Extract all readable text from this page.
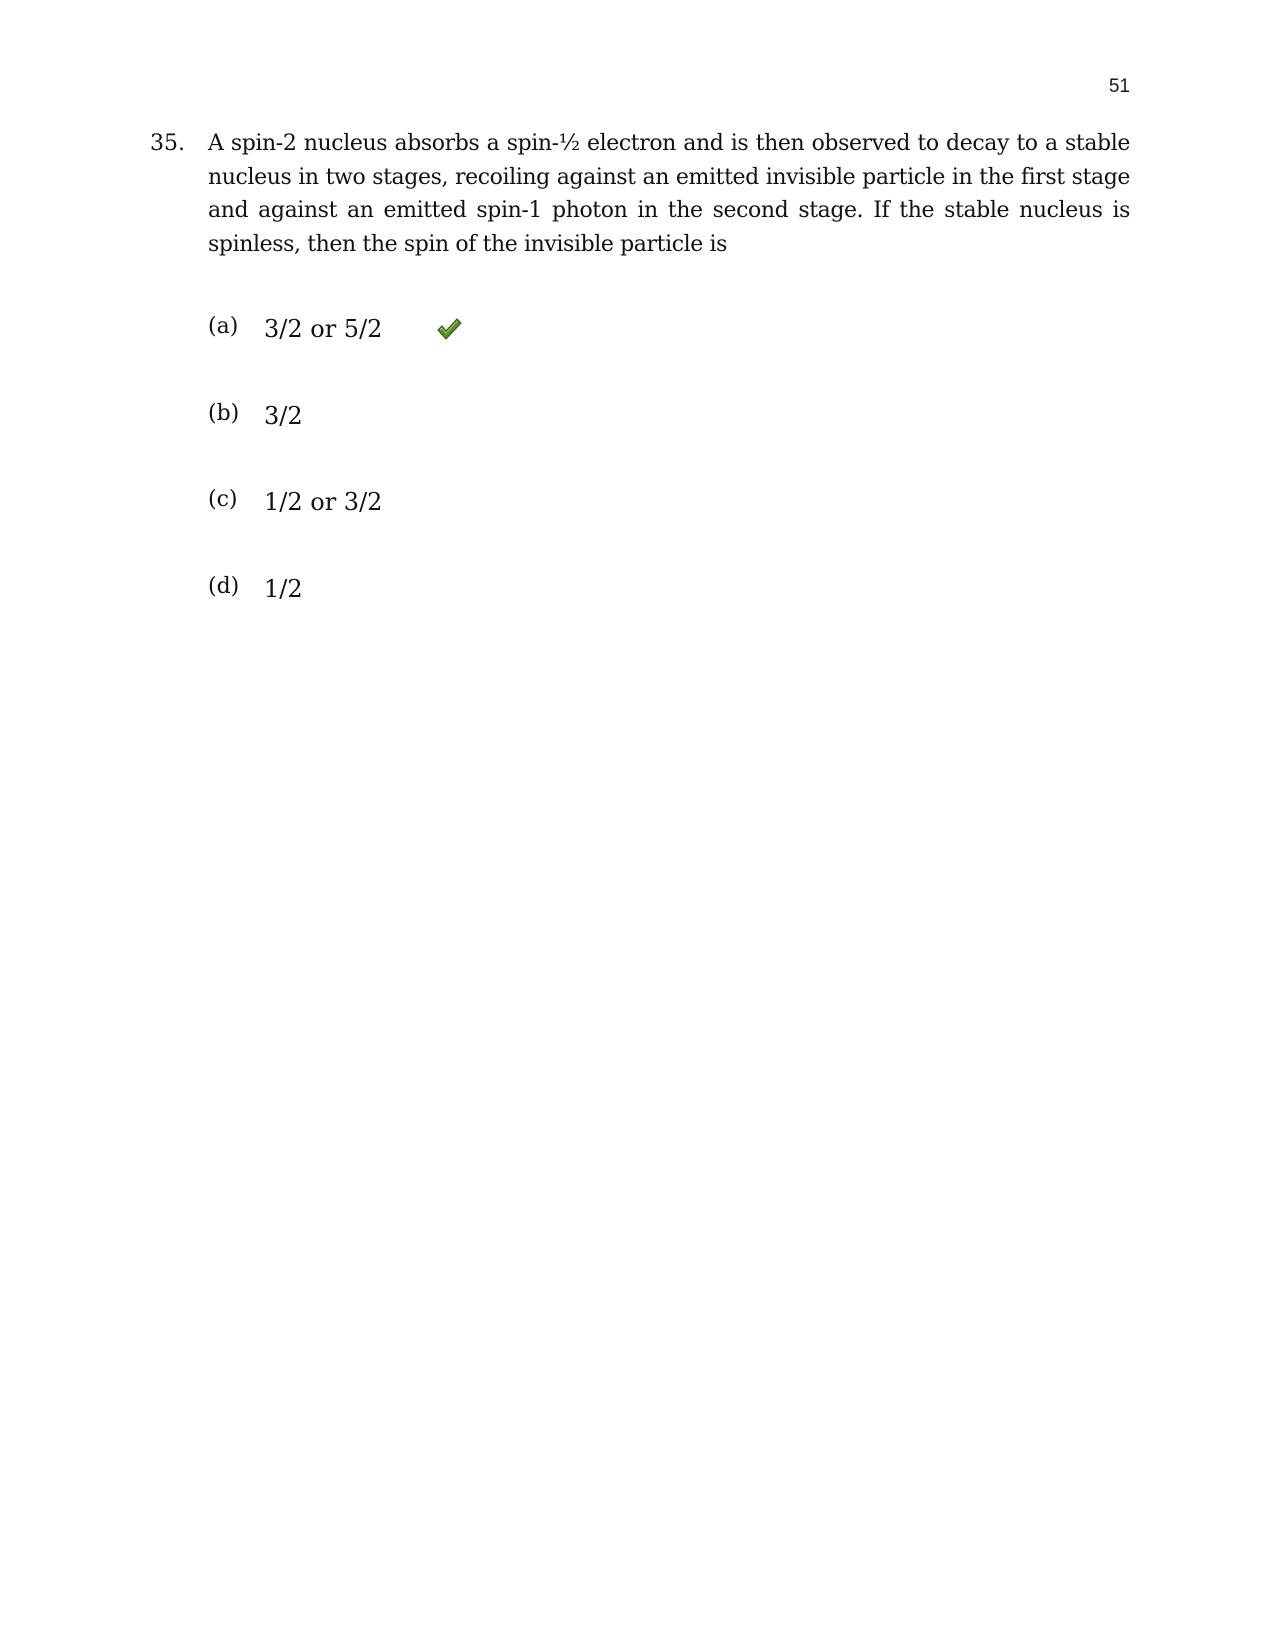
51
35. A spin-2 nucleus absorbs a spin-½ electron and is then observed to decay to a stable nucleus in two stages, recoiling against an emitted invisible particle in the first stage and against an emitted spin-1 photon in the second stage. If the stable nucleus is spinless, then the spin of the invisible particle is

(a) 3/2 or 5/2
(b) 3/2
(c) 1/2 or 3/2
(d) 1/2
